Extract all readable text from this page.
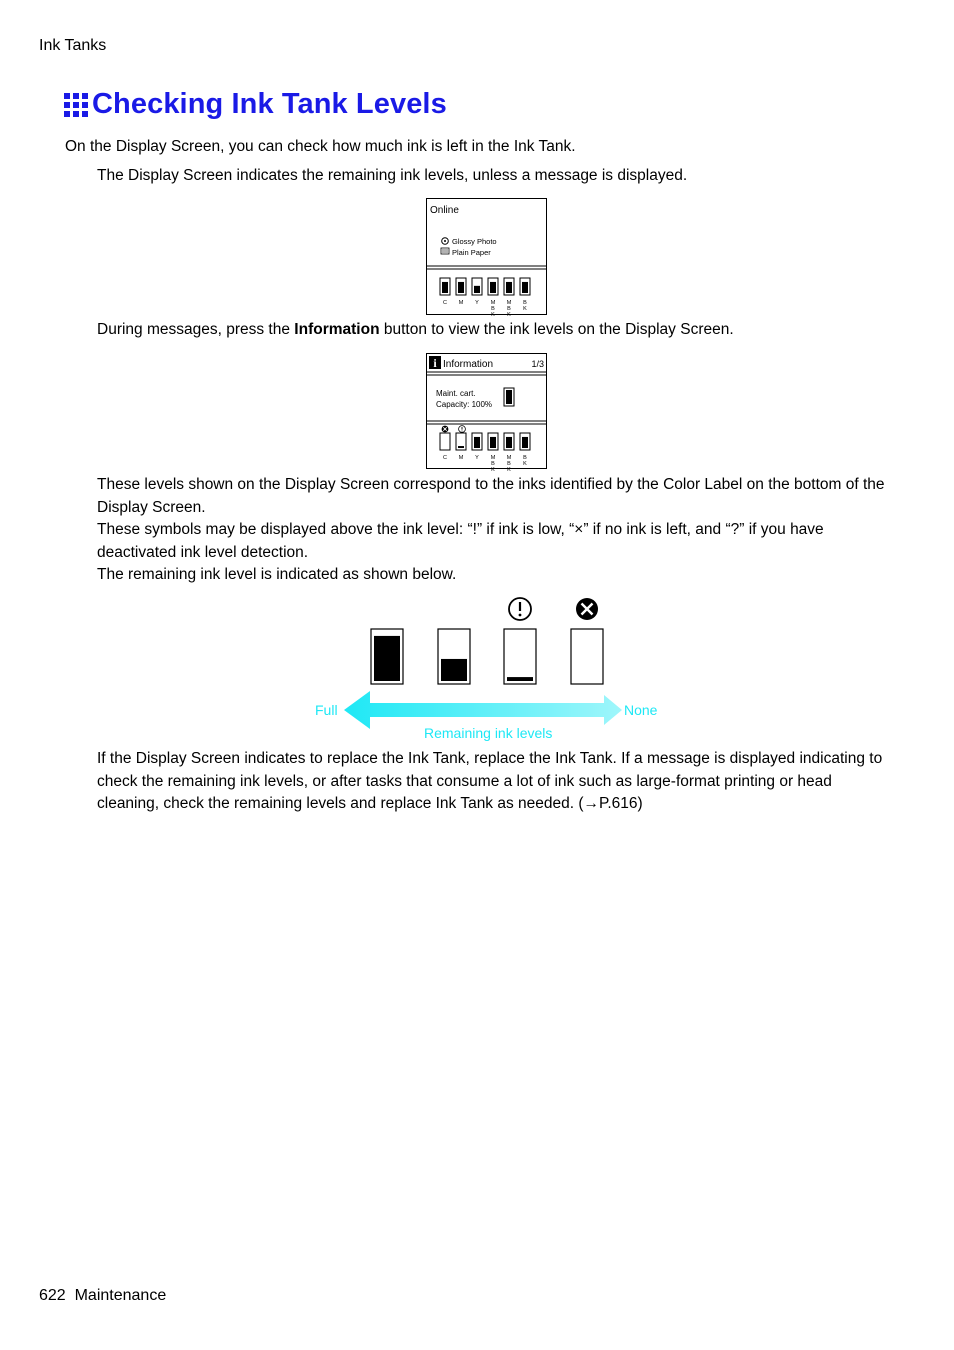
Ink Tanks
Checking Ink Tank Levels
On the Display Screen, you can check how much ink is left in the Ink Tank.
The Display Screen indicates the remaining ink levels, unless a message is displayed.
Online
Glossy Photo
Plain Paper
C M Y M
B
K
M
B
K
B
K
During messages, press the Information button to view the ink levels on the Display Screen.
i Information	1/3
Maint. cart.
Capacity: 100%
C M Y M
B
K
M
B
K
B
K
These levels shown on the Display Screen correspond to the inks identified by the Color Label on the bottom of the Display Screen.
These symbols may be displayed above the ink level: “!” if ink is low, “×” if no ink is left, and “?” if you have deactivated ink level detection.
The remaining ink level is indicated as shown below.
Full	None
Remaining ink levels
If the Display Screen indicates to replace the Ink Tank, replace the Ink Tank. If a message is displayed indicating to check the remaining ink levels, or after tasks that consume a lot of ink such as large-format printing or head cleaning, check the remaining levels and replace Ink Tank as needed. (→P.616)
622 Maintenance
